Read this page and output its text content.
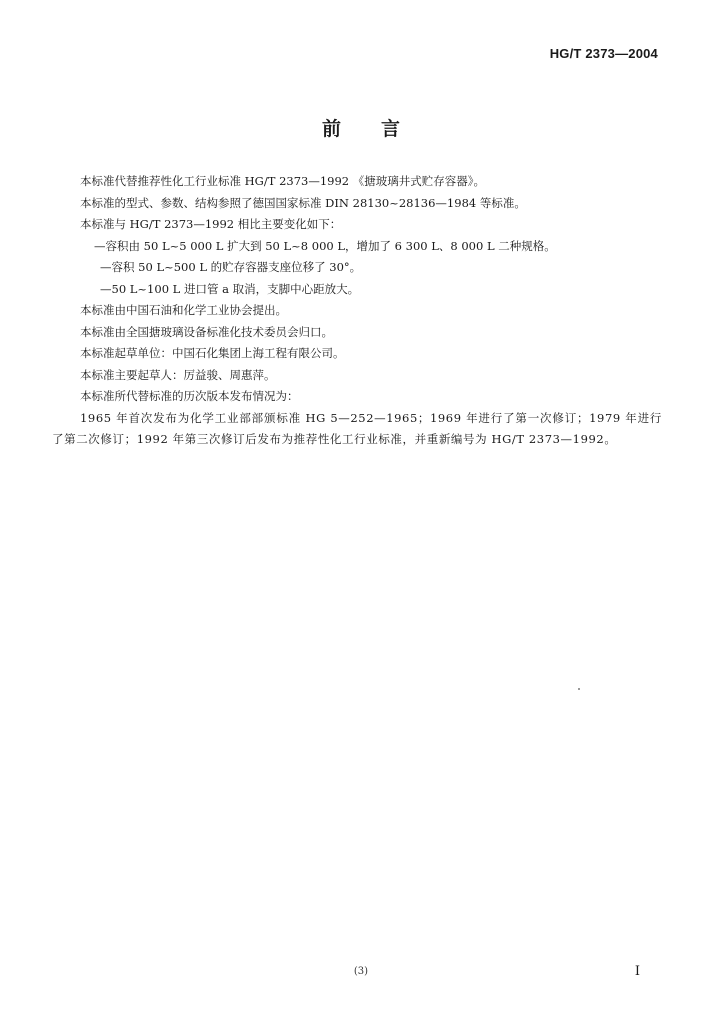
HG/T 2373—2004
前言

本标准代替推荐性化工行业标准 HG/T 2373—1992 《搪玻璃井式贮存容器》。

本标准的型式、参数、结构参照了德国国家标准 DIN 28130~28136—1984 等标准。

本标准与 HG/T 2373—1992 相比主要变化如下：

—容积由 50 L~5 000 L 扩大到 50 L~8 000 L，增加了 6 300 L、8 000 L 二种规格。

—容积 50 L~500 L 的贮存容器支座位移了 30°。

—50 L~100 L 进口管 a 取消，支脚中心距放大。

本标准由中国石油和化学工业协会提出。

本标准由全国搪玻璃设备标准化技术委员会归口。

本标准起草单位：中国石化集团上海工程有限公司。

本标准主要起草人：厉益骏、周惠萍。

本标准所代替标准的历次版本发布情况为：

1965 年首次发布为化学工业部部颁标准 HG 5—252—1965；1969 年进行了第一次修订；1979 年进行了第二次修订；1992 年第三次修订后发布为推荐性化工行业标准，并重新编号为 HG/T 2373—1992。

(3)	I
